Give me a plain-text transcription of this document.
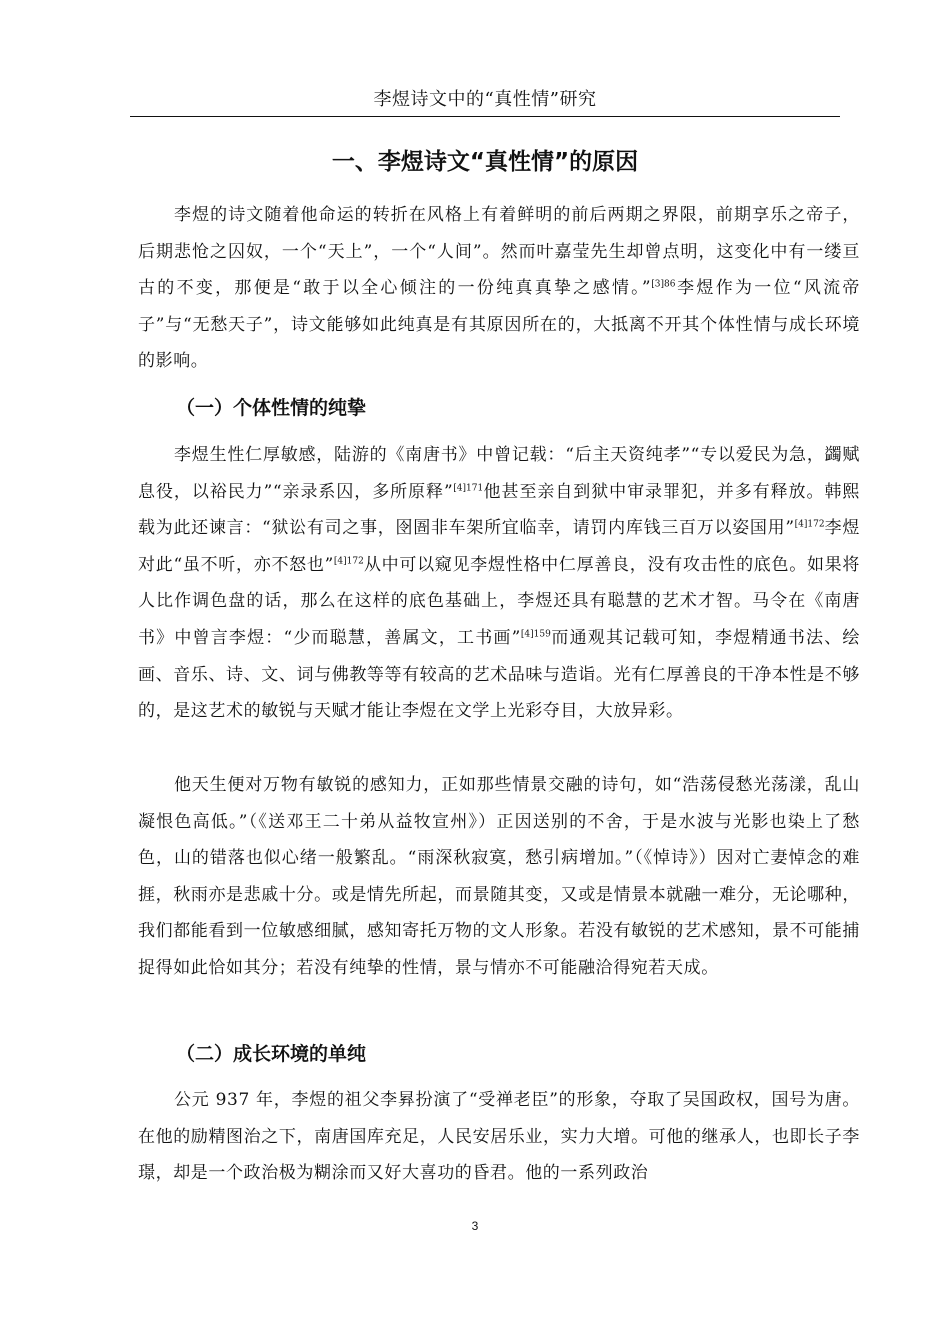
李煜诗文中的“真性情”研究
一、李煜诗文“真性情”的原因

李煜的诗文随着他命运的转折在风格上有着鲜明的前后两期之界限，前期享乐之帝子，后期悲怆之囚奴，一个“天上”，一个“人间”。然而叶嘉莹先生却曾点明，这变化中有一缕亘古的不变，那便是“敢于以全心倾注的一份纯真真挚之感情。”$^{[3]86}$李煜作为一位“风流帝子”与“无愁天子”，诗文能够如此纯真是有其原因所在的，大抵离不开其个体性情与成长环境的影响。

（一）个体性情的纯挚

李煜生性仁厚敏感，陆游的《南唐书》中曾记载：“后主天资纯孝”“专以爱民为急，蠲赋息役，以裕民力”“亲录系囚，多所原释”$^{[4]171}$他甚至亲自到狱中审录罪犯，并多有释放。韩熙载为此还谏言：“狱讼有司之事，囹圄非车架所宜临幸，请罚内库钱三百万以姿国用”$^{[4]172}$李煜对此“虽不听，亦不怒也”$^{[4]172}$从中可以窥见李煜性格中仁厚善良，没有攻击性的底色。如果将人比作调色盘的话，那么在这样的底色基础上，李煜还具有聪慧的艺术才智。马令在《南唐书》中曾言李煜：“少而聪慧，善属文，工书画”$^{[4]159}$而通观其记载可知，李煜精通书法、绘画、音乐、诗、文、词与佛教等等有较高的艺术品味与造诣。光有仁厚善良的干净本性是不够的，是这艺术的敏锐与天赋才能让李煜在文学上光彩夺目，大放异彩。

他天生便对万物有敏锐的感知力，正如那些情景交融的诗句，如“浩荡侵愁光荡漾，乱山凝恨色高低。”（《送邓王二十弟从益牧宣州》）正因送别的不舍，于是水波与光影也染上了愁色，山的错落也似心绪一般繁乱。“雨深秋寂寞，愁引病增加。”（《悼诗》）因对亡妻悼念的难捱，秋雨亦是悲戚十分。或是情先所起，而景随其变，又或是情景本就融一难分，无论哪种，我们都能看到一位敏感细腻，感知寄托万物的文人形象。若没有敏锐的艺术感知，景不可能捕捉得如此恰如其分；若没有纯挚的性情，景与情亦不可能融洽得宛若天成。

（二）成长环境的单纯

公元 937 年，李煜的祖父李昪扮演了“受禅老臣”的形象，夺取了吴国政权，国号为唐。在他的励精图治之下，南唐国库充足，人民安居乐业，实力大增。可他的继承人，也即长子李璟，却是一个政治极为糊涂而又好大喜功的昏君。他的一系列政治

3
